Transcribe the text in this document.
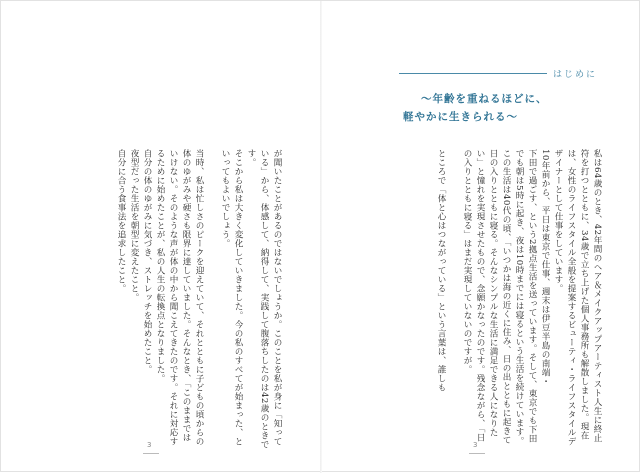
はじめに
〜年齢を重ねるほどに、
軽やかに生きられる〜

私は64歳のとき、42年間のヘア＆メイクアップアーティスト人生に終止符を打つとともに、34歳で立ち上げた個人事務所も解散しました。現在は、女性のライフスタイル全般を提案するビューティ・ライフスタイルデザイナーとして仕事をしています。

10年前から、平日は東京で仕事、週末は伊豆半島の南端・

下田で過ごす、という2拠点生活を送っています。そして、東京でも下田でも朝は5時に起き、夜は10時までには寝るという生活を続けています。この生活は40代の頃、「いつかは海の近くに住み、日の出とともに起きて日の入りとともに寝る。そんなシンプルな生活に満足できる人になりたい」と憧れを実現させたもので、念願かなったのです。残念ながら、「日の入りとともに寝る」はまだ実現していないのですが。

ところで「体と心はつながっている」という言葉は、誰しも

が聞いたことがあるのではないでしょうか。このことを私が身に「知っている」から、体感して、納得して、実践して腹落ちしたのは42歳のときです。

そこから私は大きく変化していきました。今の私のすべてが始まった、といってもよいでしょう。

当時、私は忙しさのピークを迎えていて、それとともに子どもの頃からの体のゆがみや硬さも限界に達していました。そんなとき、「このままではいけない。そのような声が体の中から聞こえてきたのです。それに対応するために始めたことが、私の人生の転換点となりました。

自分の体のゆがみに気づき、ストレッチを始めたこと。

夜型だった生活を朝型に変えたこと。

自分に合う食事法を追求したこと。

3	3
